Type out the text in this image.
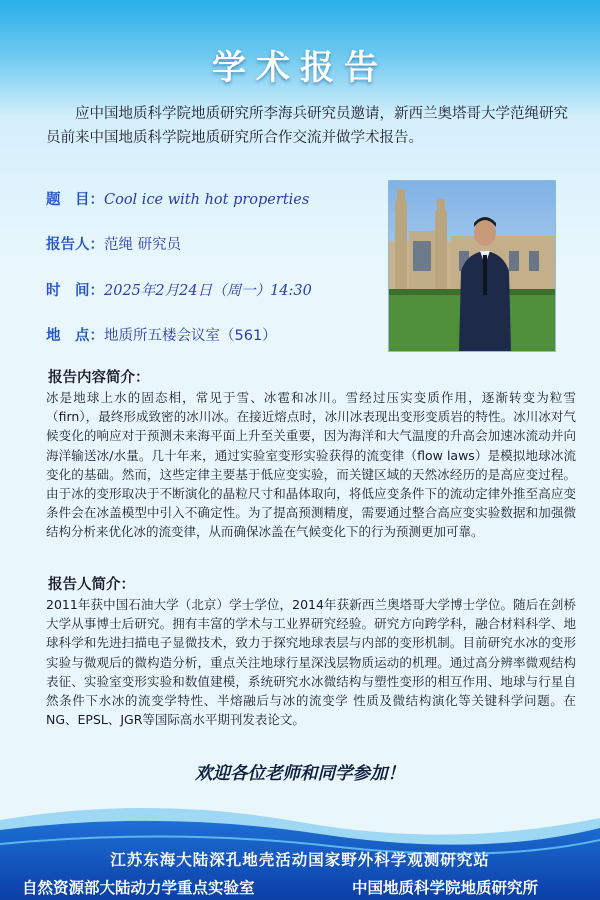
学术报告
应中国地质科学院地质研究所李海兵研究员邀请，新西兰奥塔哥大学范绳研究员前来中国地质科学院地质研究所合作交流并做学术报告。
题　目：Cool ice with hot properties
报告人：范绳 研究员
时　间：2025年2月24日（周一）14:30
地　点：地质所五楼会议室（561）
报告内容简介：
冰是地球上水的固态相，常见于雪、冰雹和冰川。雪经过压实变质作用，逐渐转变为粒雪（firn），最终形成致密的冰川冰。在接近熔点时，冰川冰表现出变形变质岩的特性。冰川冰对气候变化的响应对于预测未来海平面上升至关重要，因为海洋和大气温度的升高会加速冰流动并向海洋输送冰/水量。几十年来，通过实验室变形实验获得的流变律（flow laws）是模拟地球冰流变化的基础。然而，这些定律主要基于低应变实验，而关键区域的天然冰经历的是高应变过程。由于冰的变形取决于不断演化的晶粒尺寸和晶体取向，将低应变条件下的流动定律外推至高应变条件会在冰盖模型中引入不确定性。为了提高预测精度，需要通过整合高应变实验数据和加强微结构分析来优化冰的流变律，从而确保冰盖在气候变化下的行为预测更加可靠。
报告人简介：
2011年获中国石油大学（北京）学士学位，2014年获新西兰奥塔哥大学博士学位。随后在剑桥大学从事博士后研究。拥有丰富的学术与工业界研究经验。研究方向跨学科，融合材料科学、地球科学和先进扫描电子显微技术，致力于探究地球表层与内部的变形机制。目前研究水冰的变形实验与微观后的微构造分析，重点关注地球行星深浅层物质运动的机理。通过高分辨率微观结构表征、实验室变形实验和数值建模，系统研究水冰微结构与塑性变形的相互作用、地球与行星自然条件下水冰的流变学特性、半熔融后与冰的流变学 性质及微结构演化等关键科学问题。在NG、EPSL、JGR等国际高水平期刊发表论文。
欢迎各位老师和同学参加！
江苏东海大陆深孔地壳活动国家野外科学观测研究站
自然资源部大陆动力学重点实验室	中国地质科学院地质研究所
